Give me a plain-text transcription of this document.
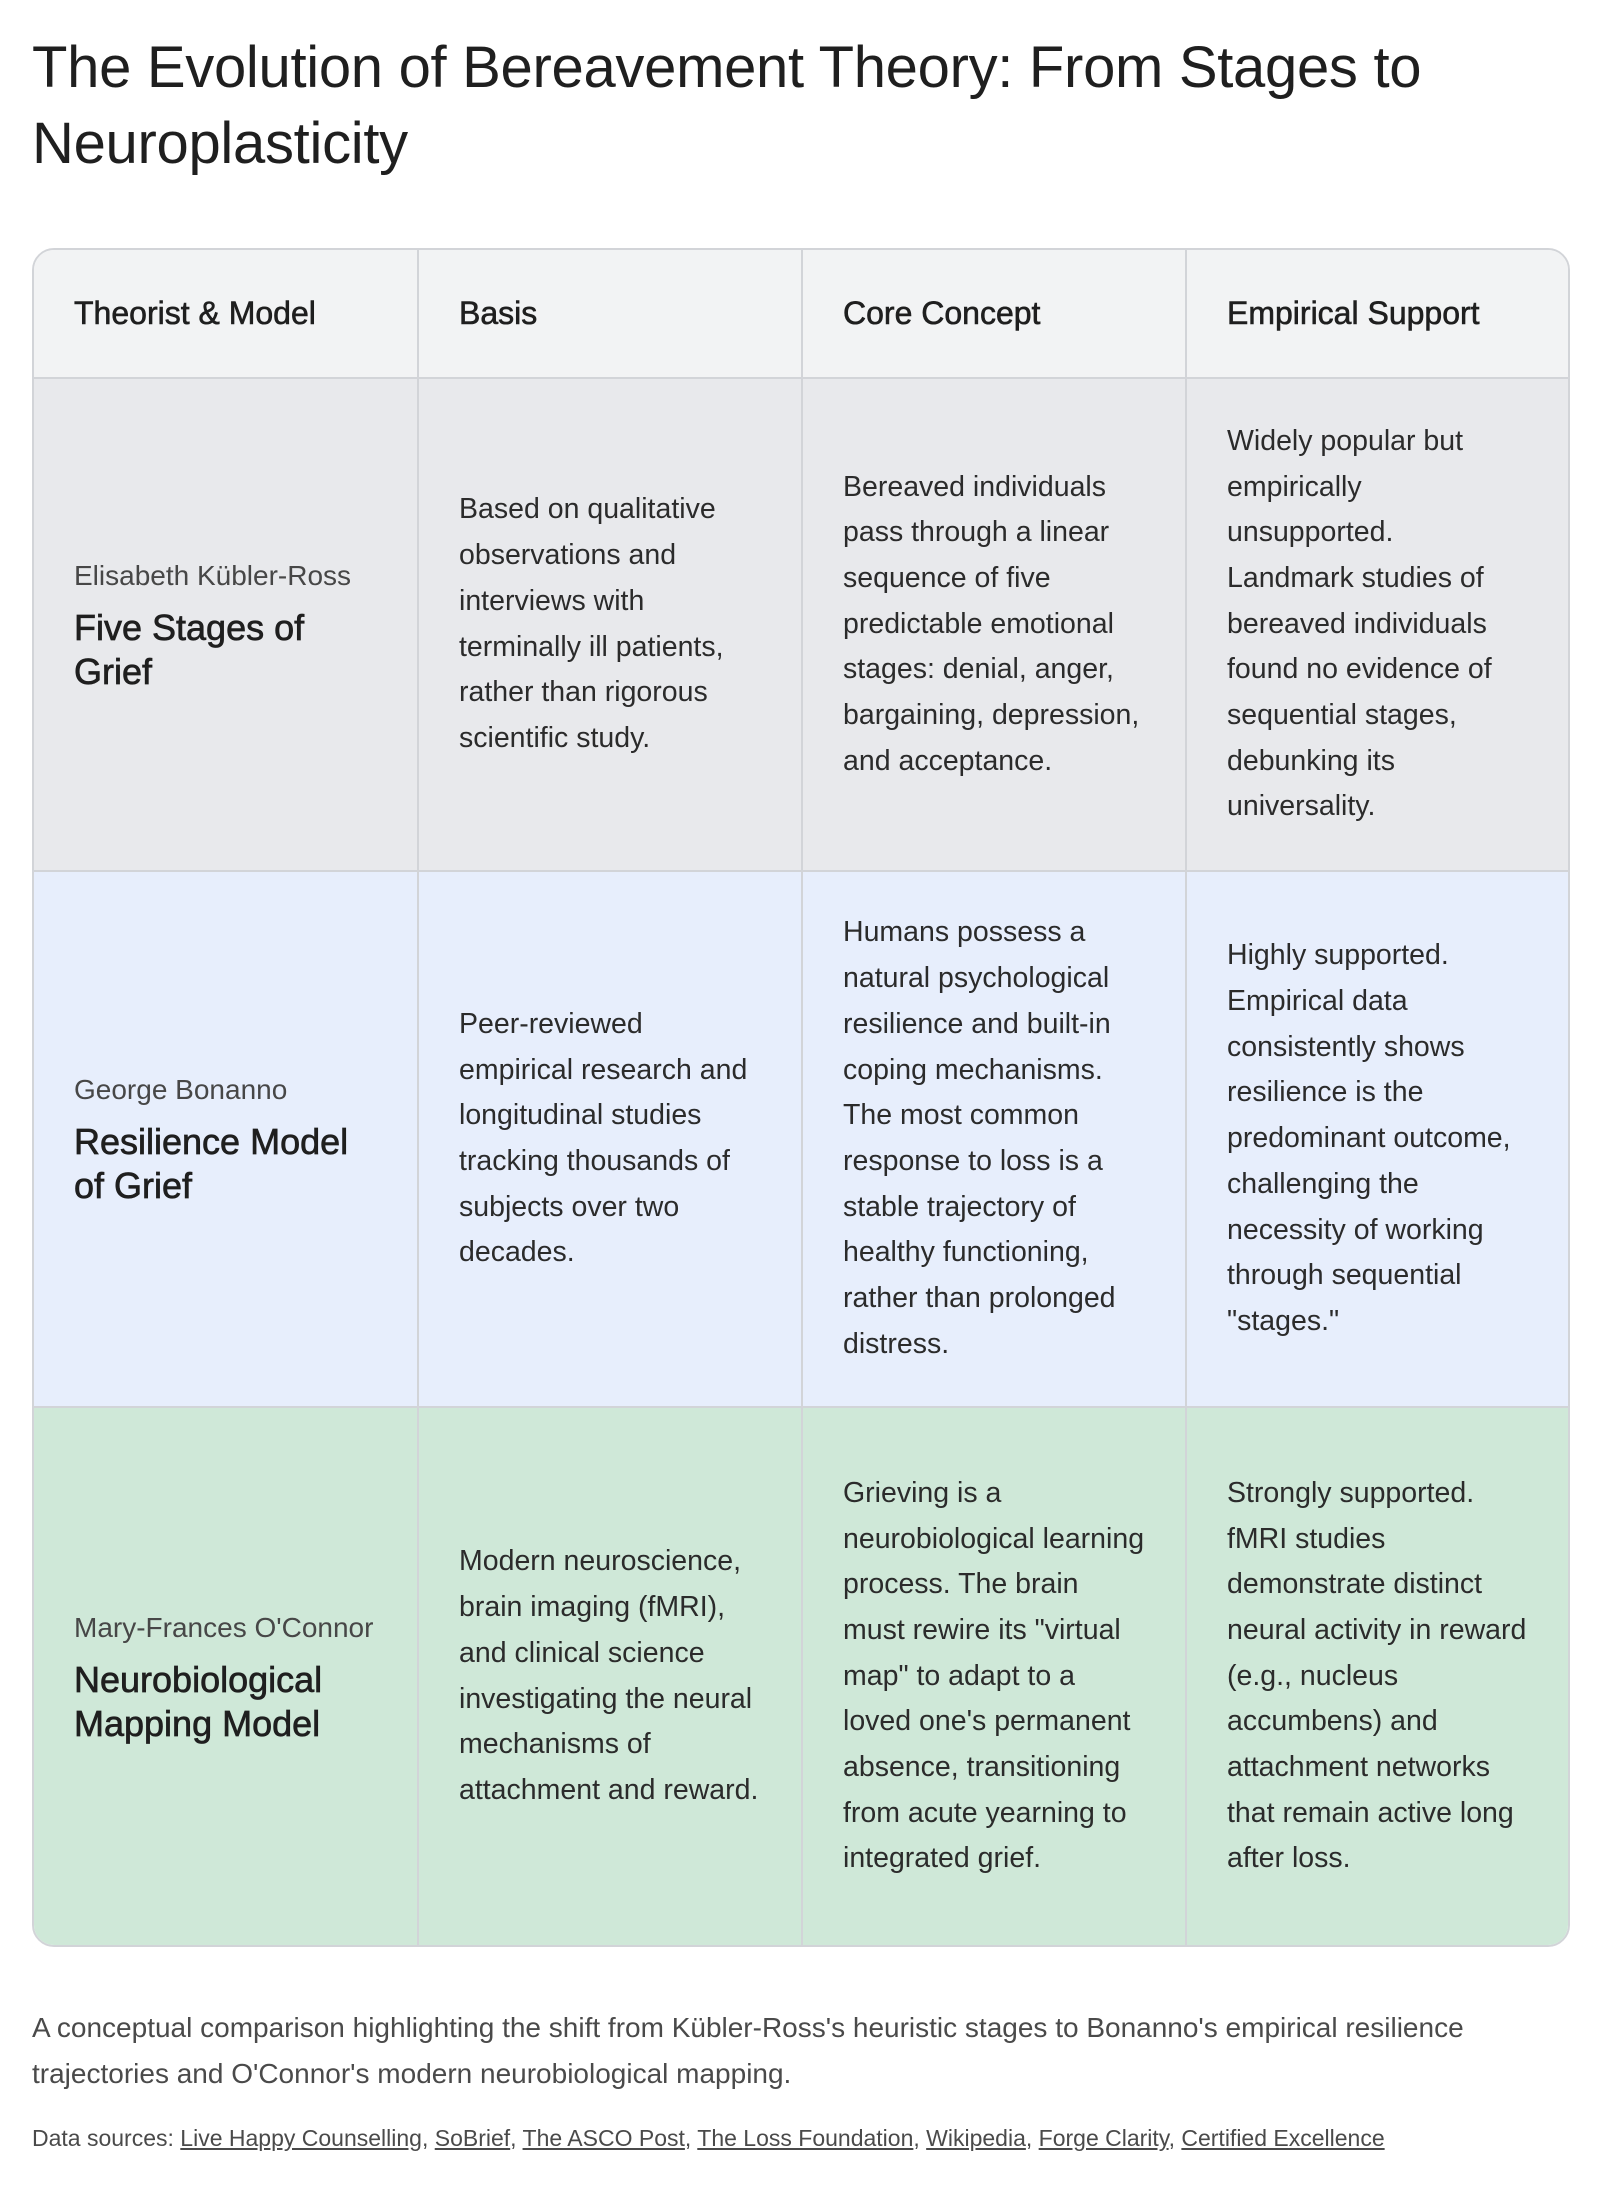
The Evolution of Bereavement Theory: From Stages to Neuroplasticity
Theorist & Model	Basis	Core Concept	Empirical Support

Elisabeth Kübler-Ross
Five Stages of Grief	Based on qualitative observations and interviews with terminally ill patients, rather than rigorous scientific study.	Bereaved individuals pass through a linear sequence of five predictable emotional stages: denial, anger, bargaining, depression, and acceptance.	Widely popular but empirically unsupported. Landmark studies of bereaved individuals found no evidence of sequential stages, debunking its universality.

George Bonanno
Resilience Model of Grief	Peer-reviewed empirical research and longitudinal studies tracking thousands of subjects over two decades.	Humans possess a natural psychological resilience and built-in coping mechanisms. The most common response to loss is a stable trajectory of healthy functioning, rather than prolonged distress.	Highly supported. Empirical data consistently shows resilience is the predominant outcome, challenging the necessity of working through sequential "stages."

Mary-Frances O'Connor
Neurobiological Mapping Model	Modern neuroscience, brain imaging (fMRI), and clinical science investigating the neural mechanisms of attachment and reward.	Grieving is a neurobiological learning process. The brain must rewire its "virtual map" to adapt to a loved one's permanent absence, transitioning from acute yearning to integrated grief.	Strongly supported. fMRI studies demonstrate distinct neural activity in reward (e.g., nucleus accumbens) and attachment networks that remain active long after loss.

A conceptual comparison highlighting the shift from Kübler-Ross's heuristic stages to Bonanno's empirical resilience trajectories and O'Connor's modern neurobiological mapping.

Data sources: Live Happy Counselling, SoBrief, The ASCO Post, The Loss Foundation, Wikipedia, Forge Clarity, Certified Excellence
